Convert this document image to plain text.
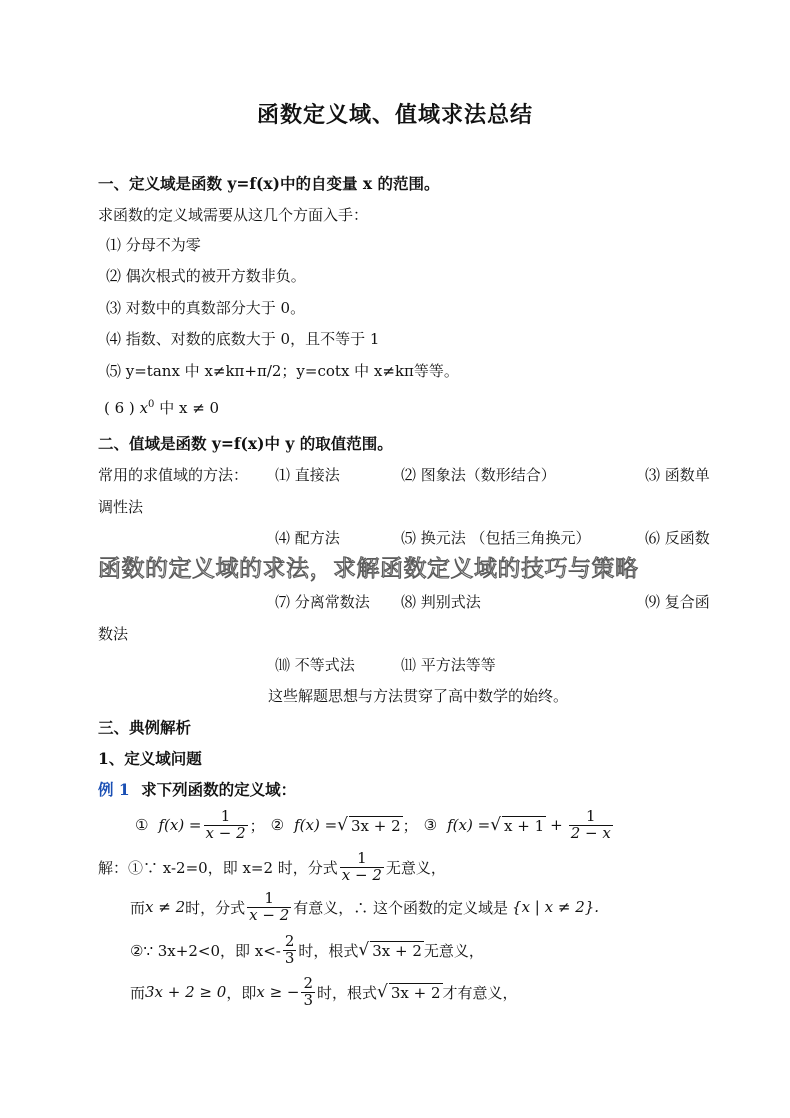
函数定义域、值域求法总结
一、定义域是函数 y=f(x)中的自变量 x 的范围。
求函数的定义域需要从这几个方面入手：
⑴ 分母不为零
⑵ 偶次根式的被开方数非负。
⑶ 对数中的真数部分大于 0。
⑷ 指数、对数的底数大于 0，且不等于 1
⑸ y=tanx 中 x≠kπ+π/2；y=cotx 中 x≠kπ等等。
( 6 ) $x^0$ 中 x ≠ 0
二、值域是函数 y=f(x)中 y 的取值范围。
常用的求值域的方法： ⑴ 直接法	⑵ 图象法（数形结合）	⑶ 函数单
调性法
⑷ 配方法	⑸ 换元法 （包括三角换元）	⑹ 反函数
函数的定义域的求法，求解函数定义域的技巧与策略
⑺ 分离常数法 ⑻ 判别式法	⑼ 复合函
数法
⑽ 不等式法	⑾ 平方法等等
这些解题思想与方法贯穿了高中数学的始终。
三、典例解析
1、定义域问题
例 1 求下列函数的定义域：
① $f(x) = \frac{1}{x - 2}$ ； ② f(x) = √ 3x + 2 ； ③ f(x) = √ $x + 1 + \frac{1}{2 - x}$
解：①∵ x-2=0，即 x=2 时，分式 $\frac{1}{x - 2}$ 无意义，
而 x ≠ 2 时，分式 $\frac{1}{x - 2}$ 有意义，∴ 这个函数的定义域是 {x | x ≠ 2}.
②∵ 3x+2<0，即 $x<- \frac{2}{3}$ 时，根式 √ 3x + 2 无意义，
而 3x + 2 ≥ 0 ，即 x ≥ − $\frac{2}{3}$ 时，根式 √ 3x + 2 才有意义，
